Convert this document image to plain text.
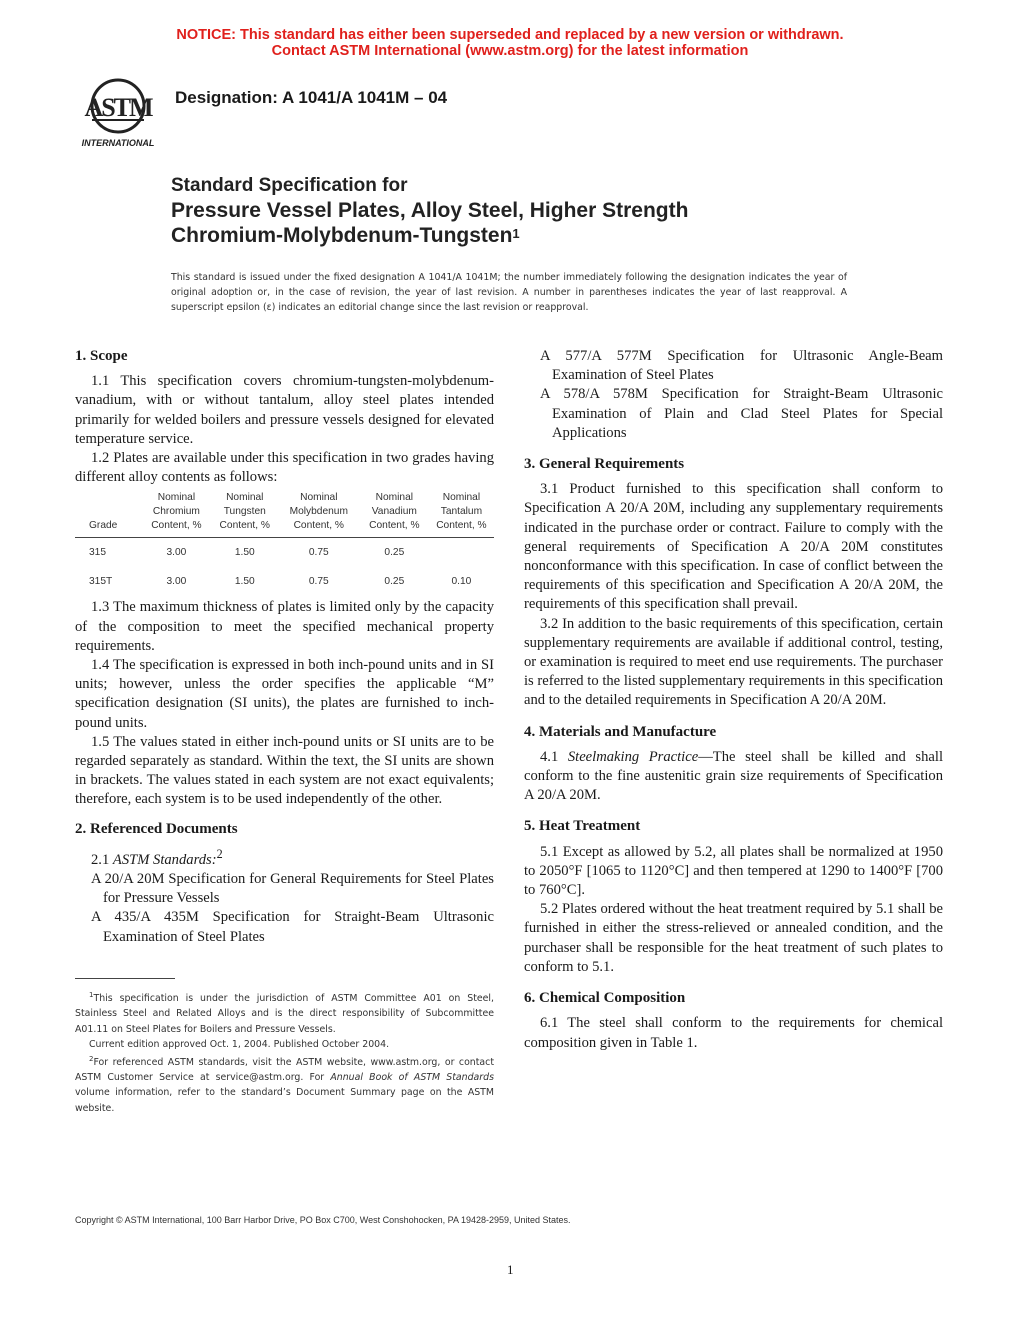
NOTICE: This standard has either been superseded and replaced by a new version or withdrawn.
Contact ASTM International (www.astm.org) for the latest information
ASTM
INTERNATIONAL
Designation: A 1041/A 1041M – 04
Standard Specification for
Pressure Vessel Plates, Alloy Steel, Higher Strength
Chromium-Molybdenum-Tungsten$^1$
This standard is issued under the fixed designation A 1041/A 1041M; the number immediately following the designation indicates the year of original adoption or, in the case of revision, the year of last revision. A number in parentheses indicates the year of last reapproval. A superscript epsilon (ε) indicates an editorial change since the last revision or reapproval.
1. Scope

1.1 This specification covers chromium-tungsten-molybdenum-vanadium, with or without tantalum, alloy steel plates intended primarily for welded boilers and pressure vessels designed for elevated temperature service.

1.2 Plates are available under this specification in two grades having different alloy contents as follows:

Grade	Nominal Chromium Content, %	Nominal Tungsten Content, %	Nominal Molybdenum Content, %	Nominal Vanadium Content, %	Nominal Tantalum Content, %
315	3.00	1.50	0.75	0.25	
315T	3.00	1.50	0.75	0.25	0.10

1.3 The maximum thickness of plates is limited only by the capacity of the composition to meet the specified mechanical property requirements.

1.4 The specification is expressed in both inch-pound units and in SI units; however, unless the order specifies the applicable “M” specification designation (SI units), the plates are furnished to inch-pound units.

1.5 The values stated in either inch-pound units or SI units are to be regarded separately as standard. Within the text, the SI units are shown in brackets. The values stated in each system are not exact equivalents; therefore, each system is to be used independently of the other.

2. Referenced Documents

2.1 ASTM Standards:$^2$

A 20/A 20M Specification for General Requirements for Steel Plates for Pressure Vessels

A 435/A 435M Specification for Straight-Beam Ultrasonic Examination of Steel Plates

$^1$This specification is under the jurisdiction of ASTM Committee A01 on Steel, Stainless Steel and Related Alloys and is the direct responsibility of Subcommittee A01.11 on Steel Plates for Boilers and Pressure Vessels.

Current edition approved Oct. 1, 2004. Published October 2004.

$^2$For referenced ASTM standards, visit the ASTM website, www.astm.org, or contact ASTM Customer Service at service@astm.org. For Annual Book of ASTM Standards volume information, refer to the standard’s Document Summary page on the ASTM website.

A 577/A 577M Specification for Ultrasonic Angle-Beam Examination of Steel Plates

A 578/A 578M Specification for Straight-Beam Ultrasonic Examination of Plain and Clad Steel Plates for Special Applications

3. General Requirements

3.1 Product furnished to this specification shall conform to Specification A 20/A 20M, including any supplementary requirements indicated in the purchase order or contract. Failure to comply with the general requirements of Specification A 20/A 20M constitutes nonconformance with this specification. In case of conflict between the requirements of this specification and Specification A 20/A 20M, the requirements of this specification shall prevail.

3.2 In addition to the basic requirements of this specification, certain supplementary requirements are available if additional control, testing, or examination is required to meet end use requirements. The purchaser is referred to the listed supplementary requirements in this specification and to the detailed requirements in Specification A 20/A 20M.

4. Materials and Manufacture

4.1 Steelmaking Practice—The steel shall be killed and shall conform to the fine austenitic grain size requirements of Specification A 20/A 20M.

5. Heat Treatment

5.1 Except as allowed by 5.2, all plates shall be normalized at 1950 to 2050°F [1065 to 1120°C] and then tempered at 1290 to 1400°F [700 to 760°C].

5.2 Plates ordered without the heat treatment required by 5.1 shall be furnished in either the stress-relieved or annealed condition, and the purchaser shall be responsible for the heat treatment of such plates to conform to 5.1.

6. Chemical Composition

6.1 The steel shall conform to the requirements for chemical composition given in Table 1.

Copyright © ASTM International, 100 Barr Harbor Drive, PO Box C700, West Conshohocken, PA 19428-2959, United States.
1
